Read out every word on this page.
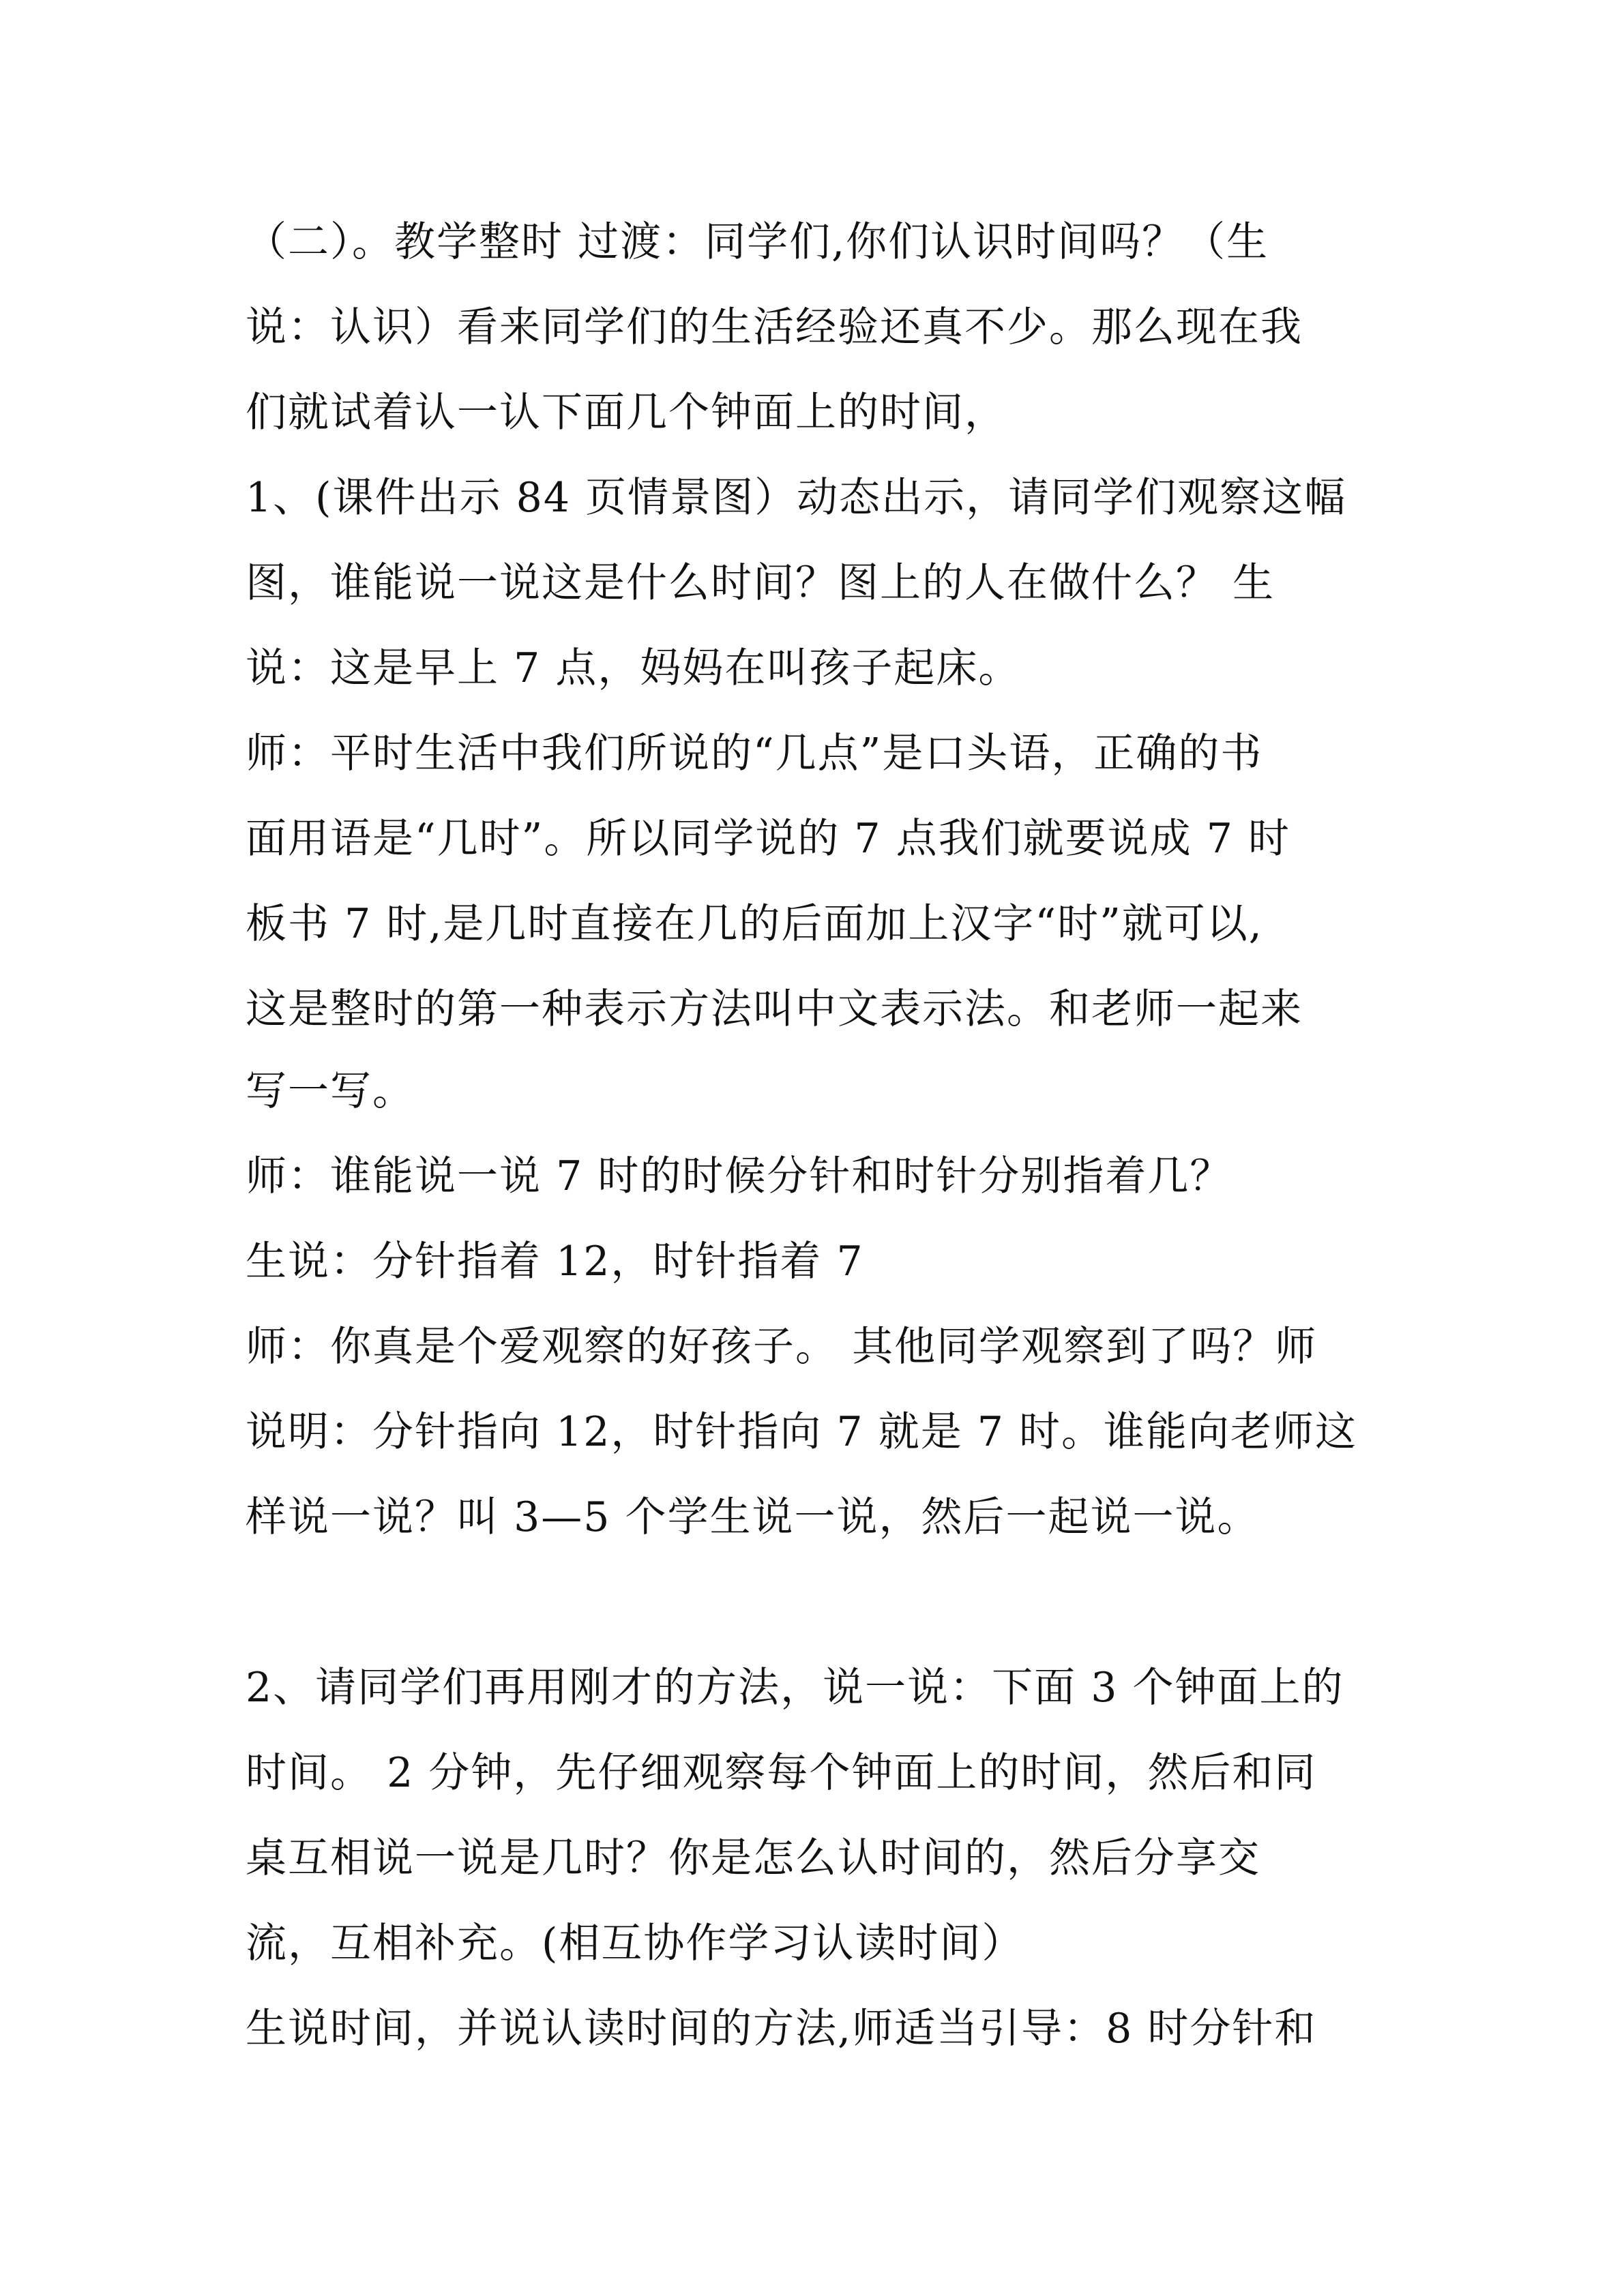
（二）。教学整时 过渡：同学们,你们认识时间吗？（生
说：认识）看来同学们的生活经验还真不少。那么现在我
们就试着认一认下面几个钟面上的时间，
1、(课件出示 84 页情景图）动态出示，请同学们观察这幅
图，谁能说一说这是什么时间？图上的人在做什么？ 生
说：这是早上 7 点，妈妈在叫孩子起床。
师：平时生活中我们所说的“几点”是口头语，正确的书
面用语是“几时”。所以同学说的 7 点我们就要说成 7 时
板书 7 时,是几时直接在几的后面加上汉字“时”就可以,
这是整时的第一种表示方法叫中文表示法。和老师一起来
写一写。
师：谁能说一说 7 时的时候分针和时针分别指着几？
生说：分针指着 12，时针指着 7
师：你真是个爱观察的好孩子。 其他同学观察到了吗？师
说明：分针指向 12，时针指向 7 就是 7 时。谁能向老师这
样说一说？叫 3—5 个学生说一说，然后一起说一说。
2、请同学们再用刚才的方法，说一说：下面 3 个钟面上的
时间。 2 分钟，先仔细观察每个钟面上的时间，然后和同
桌互相说一说是几时？你是怎么认时间的，然后分享交
流，互相补充。(相互协作学习认读时间）
生说时间，并说认读时间的方法,师适当引导：8 时分针和
